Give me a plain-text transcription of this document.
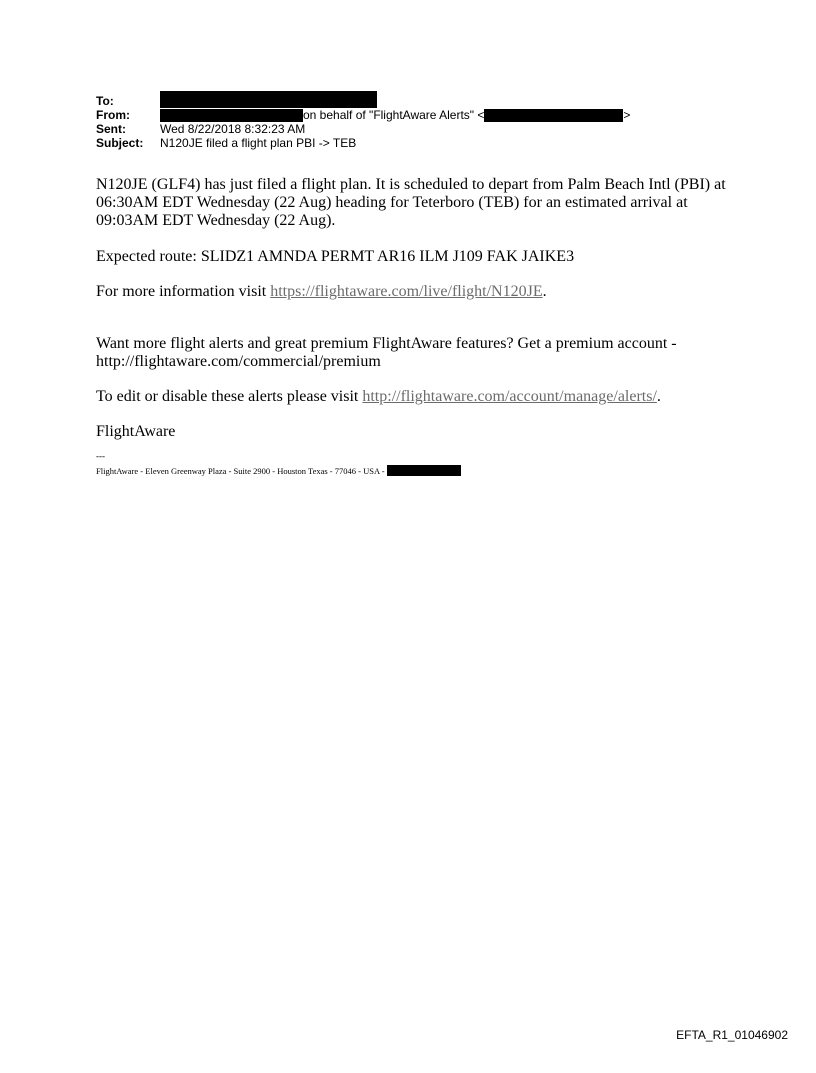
To:
From:	on behalf of "FlightAware Alerts" <	>
Sent:	Wed 8/22/2018 8:32:23 AM
Subject: N120JE filed a flight plan PBI -> TEB
N120JE (GLF4) has just filed a flight plan. It is scheduled to depart from Palm Beach Intl (PBI) at 06:30AM EDT Wednesday (22 Aug) heading for Teterboro (TEB) for an estimated arrival at 09:03AM EDT Wednesday (22 Aug).
Expected route: SLIDZ1 AMNDA PERMT AR16 ILM J109 FAK JAIKE3
For more information visit https://flightaware.com/live/flight/N120JE.
Want more flight alerts and great premium FlightAware features? Get a premium account - http://flightaware.com/commercial/premium
To edit or disable these alerts please visit http://flightaware.com/account/manage/alerts/.
FlightAware
---
FlightAware - Eleven Greenway Plaza - Suite 2900 - Houston Texas - 77046 - USA -
EFTA_R1_01046902
